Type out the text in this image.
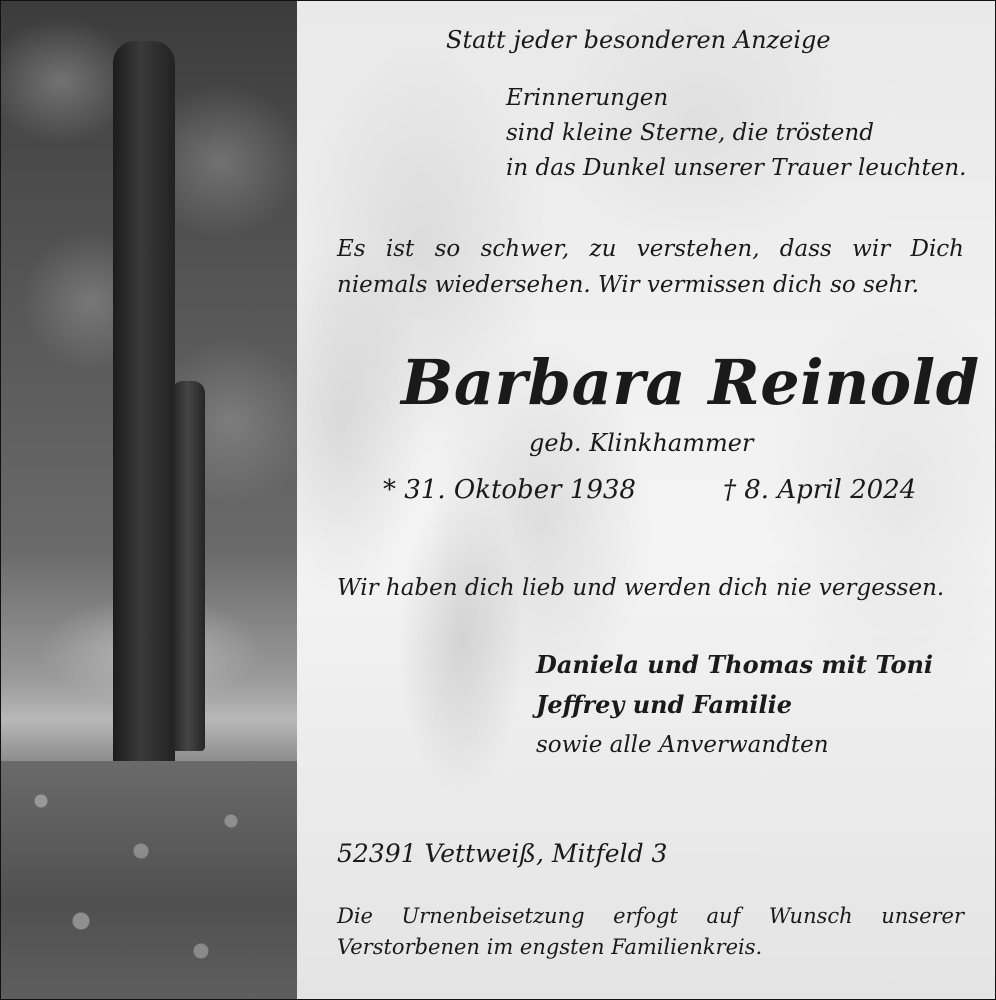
Statt jeder besonderen Anzeige

Erinnerungen
sind kleine Sterne, die tröstend
in das Dunkel unserer Trauer leuchten.

Es ist so schwer, zu verstehen, dass wir Dich
niemals wiedersehen. Wir vermissen dich so sehr.

Barbara Reinold

geb. Klinkhammer

* 31. Oktober 1938	† 8. April 2024

Wir haben dich lieb und werden dich nie vergessen.

Daniela und Thomas mit Toni

Jeffrey und Familie

sowie alle Anverwandten

52391 Vettweiß, Mitfeld 3

Die Urnenbeisetzung erfogt auf Wunsch unserer
Verstorbenen im engsten Familienkreis.
